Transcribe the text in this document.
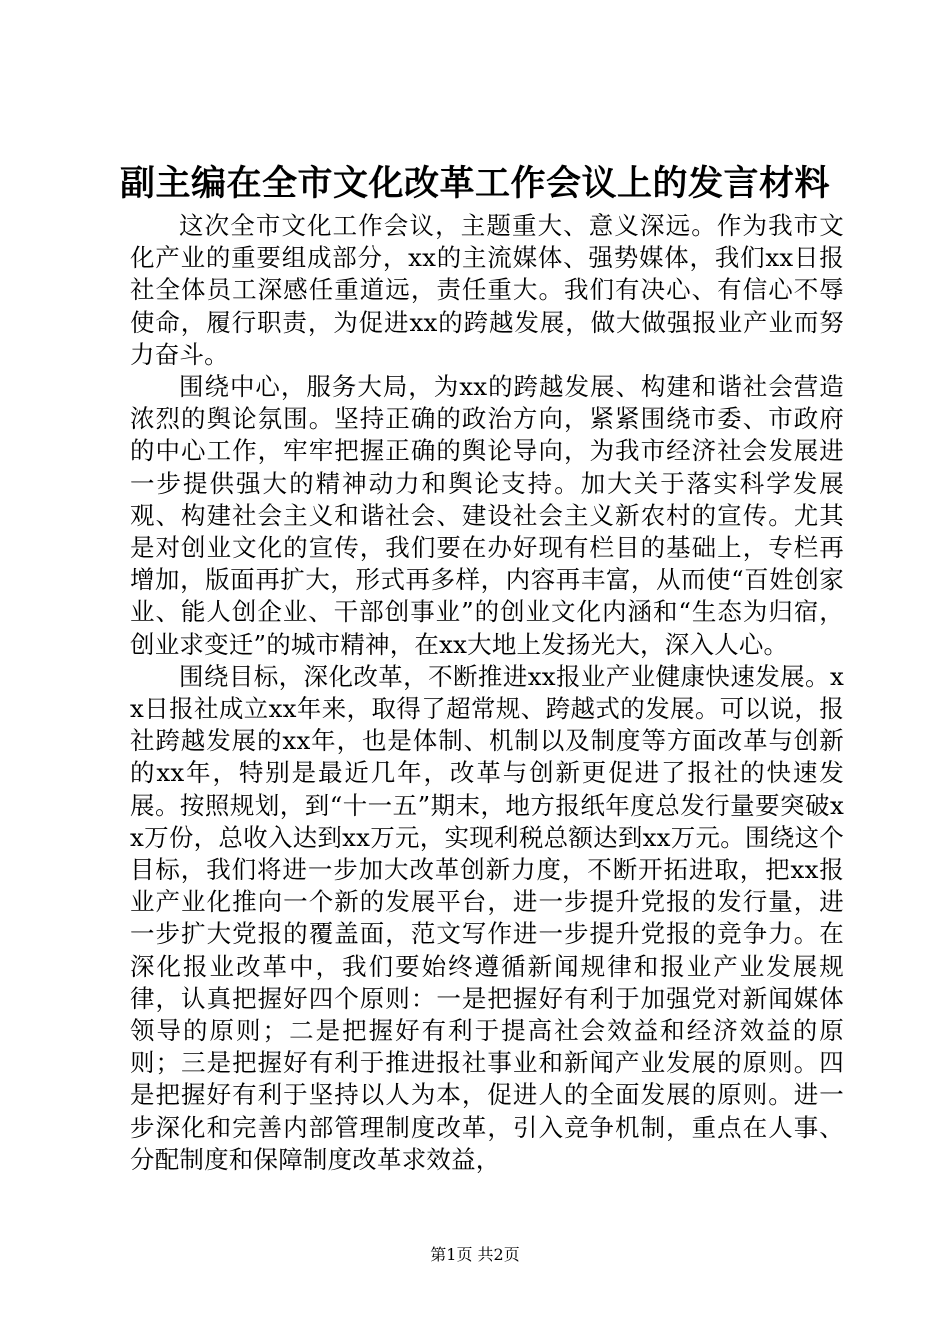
副主编在全市文化改革工作会议上的发言材料

这次全市文化工作会议，主题重大、意义深远。作为我市文化产业的重要组成部分，xx的主流媒体、强势媒体，我们xx日报社全体员工深感任重道远，责任重大。我们有决心、有信心不辱使命，履行职责，为促进xx的跨越发展，做大做强报业产业而努力奋斗。

围绕中心，服务大局，为xx的跨越发展、构建和谐社会营造浓烈的舆论氛围。坚持正确的政治方向，紧紧围绕市委、市政府的中心工作，牢牢把握正确的舆论导向，为我市经济社会发展进一步提供强大的精神动力和舆论支持。加大关于落实科学发展观、构建社会主义和谐社会、建设社会主义新农村的宣传。尤其是对创业文化的宣传，我们要在办好现有栏目的基础上，专栏再增加，版面再扩大，形式再多样，内容再丰富，从而使“百姓创家业、能人创企业、干部创事业”的创业文化内涵和“生态为归宿，创业求变迁”的城市精神，在xx大地上发扬光大，深入人心。

围绕目标，深化改革，不断推进xx报业产业健康快速发展。xx日报社成立xx年来，取得了超常规、跨越式的发展。可以说，报社跨越发展的xx年，也是体制、机制以及制度等方面改革与创新的xx年，特别是最近几年，改革与创新更促进了报社的快速发展。按照规划，到“十一五”期末，地方报纸年度总发行量要突破xx万份，总收入达到xx万元，实现利税总额达到xx万元。围绕这个目标，我们将进一步加大改革创新力度，不断开拓进取，把xx报业产业化推向一个新的发展平台，进一步提升党报的发行量，进一步扩大党报的覆盖面，范文写作进一步提升党报的竞争力。在深化报业改革中，我们要始终遵循新闻规律和报业产业发展规律，认真把握好四个原则：一是把握好有利于加强党对新闻媒体领导的原则；二是把握好有利于提高社会效益和经济效益的原则；三是把握好有利于推进报社事业和新闻产业发展的原则。四是把握好有利于坚持以人为本，促进人的全面发展的原则。进一步深化和完善内部管理制度改革，引入竞争机制，重点在人事、分配制度和保障制度改革求效益，

第1页 共2页
